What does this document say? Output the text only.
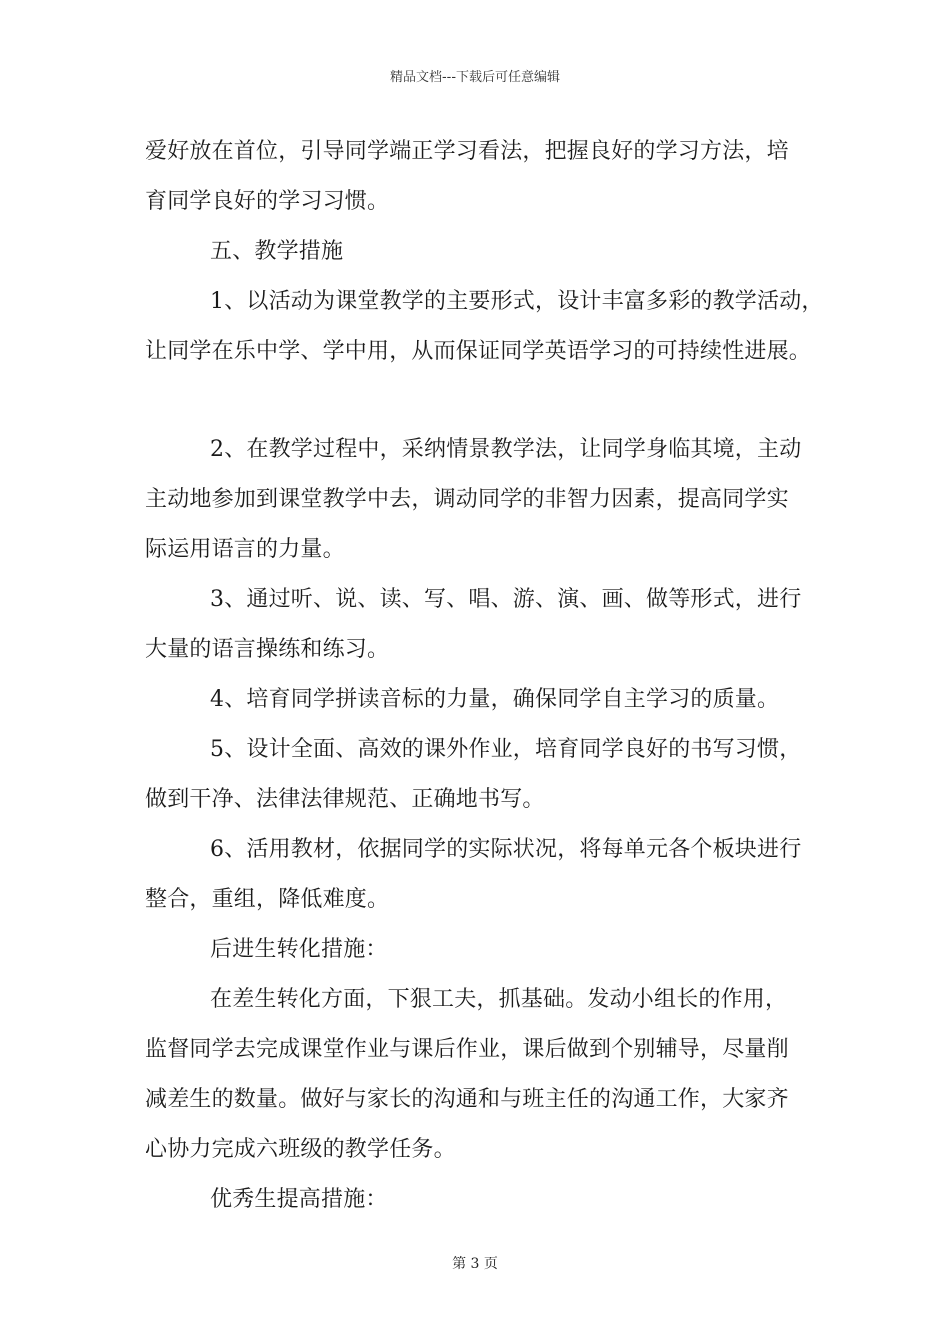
精品文档---下载后可任意编辑
爱好放在首位，引导同学端正学习看法，把握良好的学习方法，培
育同学良好的学习习惯。
五、教学措施
1、以活动为课堂教学的主要形式，设计丰富多彩的教学活动，
让同学在乐中学、学中用，从而保证同学英语学习的可持续性进展。
2、在教学过程中，采纳情景教学法，让同学身临其境，主动
主动地参加到课堂教学中去，调动同学的非智力因素，提高同学实
际运用语言的力量。
3、通过听、说、读、写、唱、游、演、画、做等形式，进行
大量的语言操练和练习。
4、培育同学拼读音标的力量，确保同学自主学习的质量。
5、设计全面、高效的课外作业，培育同学良好的书写习惯，
做到干净、法律法律规范、正确地书写。
6、活用教材，依据同学的实际状况，将每单元各个板块进行
整合，重组，降低难度。
后进生转化措施：
在差生转化方面，下狠工夫，抓基础。发动小组长的作用，
监督同学去完成课堂作业与课后作业，课后做到个别辅导，尽量削
减差生的数量。做好与家长的沟通和与班主任的沟通工作，大家齐
心协力完成六班级的教学任务。
优秀生提高措施：
第 3 页
